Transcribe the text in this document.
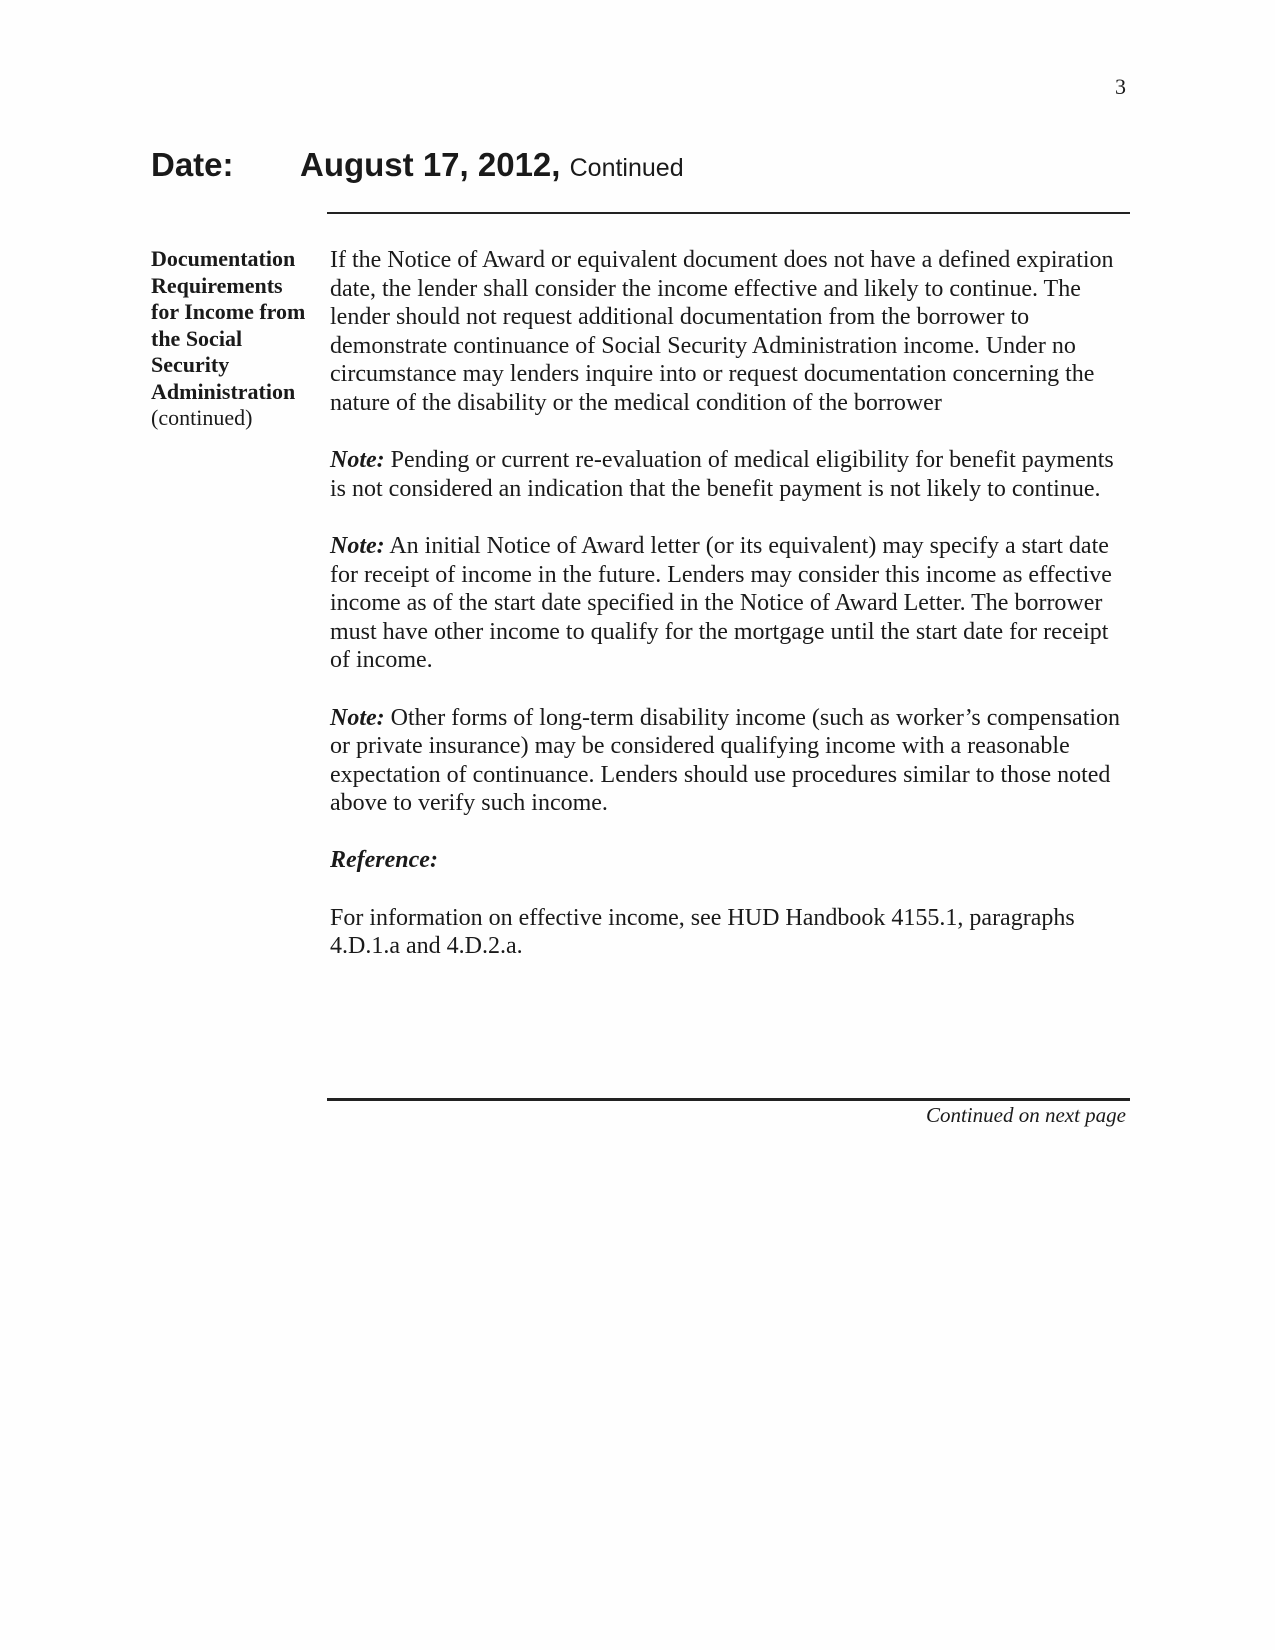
3
Date: August 17, 2012, Continued
Documentation Requirements for Income from the Social Security Administration
(continued)

If the Notice of Award or equivalent document does not have a defined expiration date, the lender shall consider the income effective and likely to continue. The lender should not request additional documentation from the borrower to demonstrate continuance of Social Security Administration income. Under no circumstance may lenders inquire into or request documentation concerning the nature of the disability or the medical condition of the borrower

Note: Pending or current re-evaluation of medical eligibility for benefit payments is not considered an indication that the benefit payment is not likely to continue.

Note: An initial Notice of Award letter (or its equivalent) may specify a start date for receipt of income in the future. Lenders may consider this income as effective income as of the start date specified in the Notice of Award Letter. The borrower must have other income to qualify for the mortgage until the start date for receipt of income.

Note: Other forms of long-term disability income (such as worker’s compensation or private insurance) may be considered qualifying income with a reasonable expectation of continuance. Lenders should use procedures similar to those noted above to verify such income.

Reference:

For information on effective income, see HUD Handbook 4155.1, paragraphs 4.D.1.a and 4.D.2.a.

Continued on next page
